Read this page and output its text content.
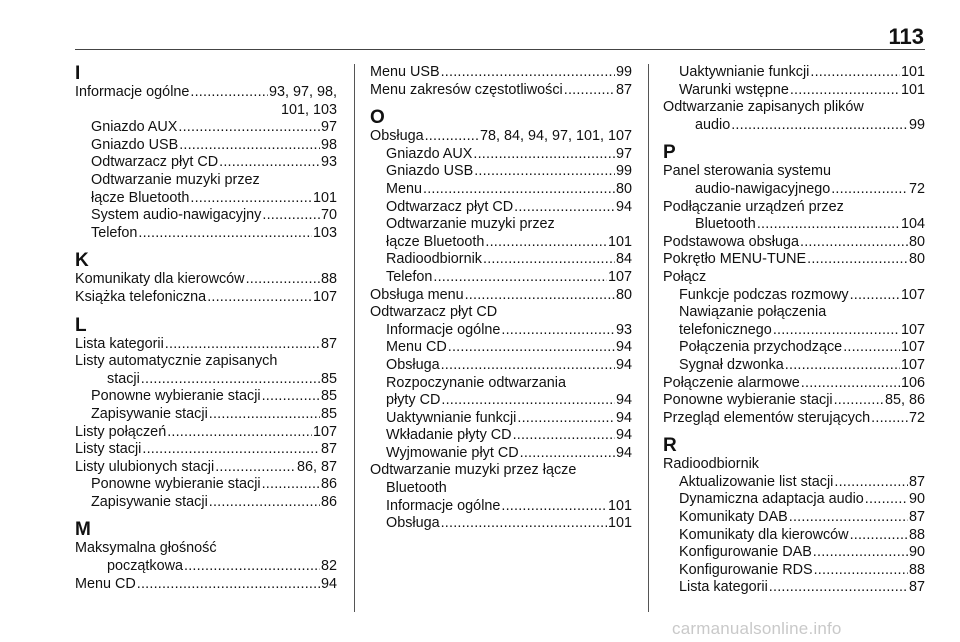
113
I
Informacje ogólne .....	93, 97, 98,
101, 103
Gniazdo AUX .....	97
Gniazdo USB .....	98
Odtwarzacz płyt CD .....	93
Odtwarzanie muzyki przez
łącze Bluetooth .....	101
System audio-nawigacyjny .....	70
Telefon .....	103
K
Komunikaty dla kierowców .....	88
Książka telefoniczna .....	107
L
Lista kategorii .....	87
Listy automatycznie zapisanych
stacji .....	85
Ponowne wybieranie stacji .....	85
Zapisywanie stacji .....	85
Listy połączeń .....	107
Listy stacji .....	87
Listy ulubionych stacji .....	86, 87
Ponowne wybieranie stacji .....	86
Zapisywanie stacji .....	86
M
Maksymalna głośność
początkowa .....	82
Menu CD .....	94
Menu USB .....	99
Menu zakresów częstotliwości .....	87
O
Obsługa .....	78, 84, 94, 97, 101, 107
Gniazdo AUX .....	97
Gniazdo USB .....	99
Menu .....	80
Odtwarzacz płyt CD .....	94
Odtwarzanie muzyki przez
łącze Bluetooth .....	101
Radioodbiornik .....	84
Telefon .....	107
Obsługa menu .....	80
Odtwarzacz płyt CD
Informacje ogólne .....	93
Menu CD .....	94
Obsługa .....	94
Rozpoczynanie odtwarzania
płyty CD .....	94
Uaktywnianie funkcji .....	94
Wkładanie płyty CD .....	94
Wyjmowanie płyt CD .....	94
Odtwarzanie muzyki przez łącze
Bluetooth
Informacje ogólne .....	101
Obsługa .....	101
Uaktywnianie funkcji .....	101
Warunki wstępne .....	101
Odtwarzanie zapisanych plików
audio .....	99
P
Panel sterowania systemu
audio-nawigacyjnego .....	72
Podłączanie urządzeń przez
Bluetooth .....	104
Podstawowa obsługa .....	80
Pokrętło MENU-TUNE .....	80
Połącz
Funkcje podczas rozmowy .....	107
Nawiązanie połączenia
telefonicznego .....	107
Połączenia przychodzące .....	107
Sygnał dzwonka .....	107
Połączenie alarmowe .....	106
Ponowne wybieranie stacji .....	85, 86
Przegląd elementów sterujących .....	72
R
Radioodbiornik
Aktualizowanie list stacji .....	87
Dynamiczna adaptacja audio .....	90
Komunikaty DAB .....	87
Komunikaty dla kierowców .....	88
Konfigurowanie DAB .....	90
Konfigurowanie RDS .....	88
Lista kategorii .....	87
carmanualsonline.info
